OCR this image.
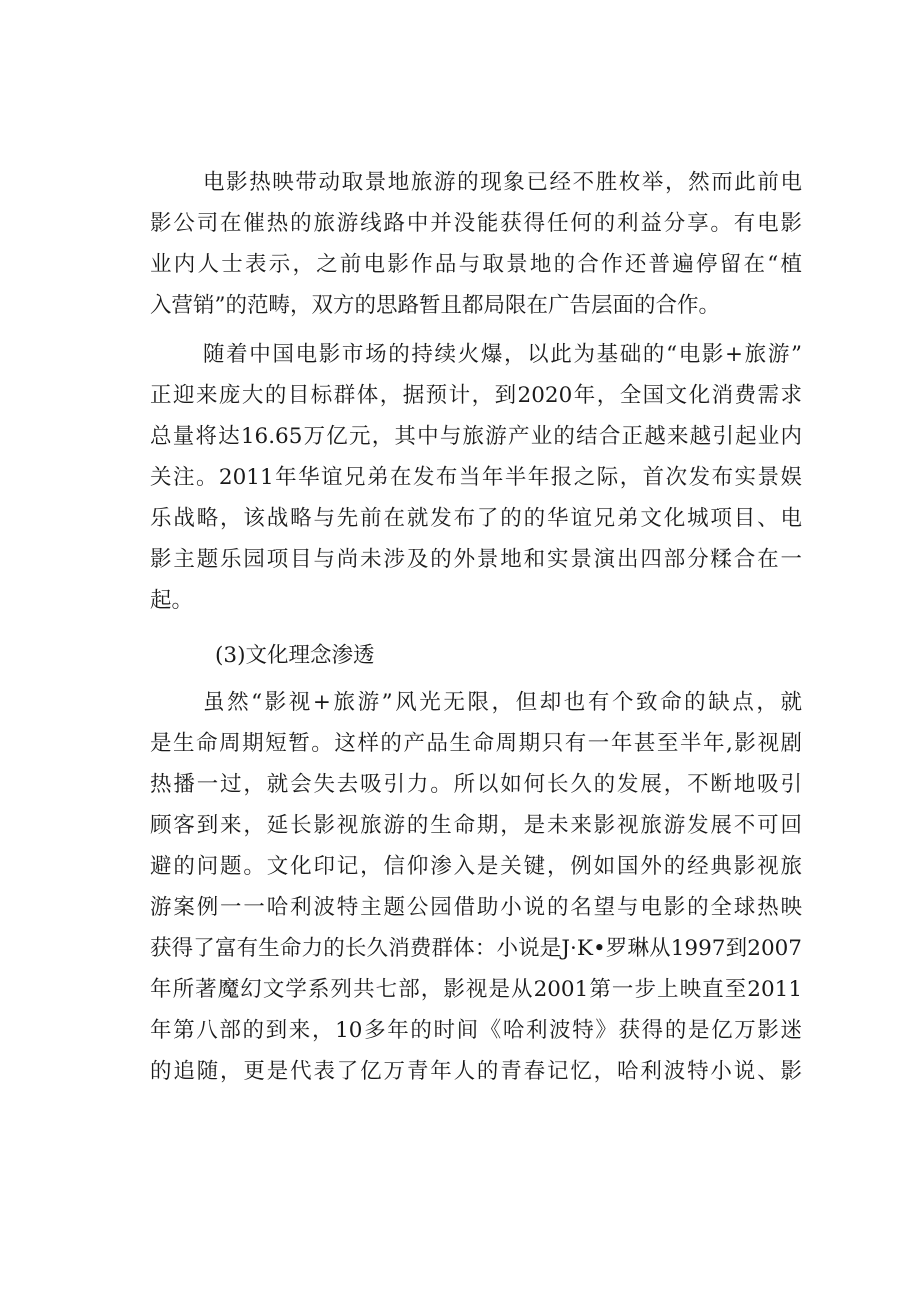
电影热映带动取景地旅游的现象已经不胜枚举，然而此前电
影公司在催热的旅游线路中并没能获得任何的利益分享。有电影
业内人士表示，之前电影作品与取景地的合作还普遍停留在“植
入营销”的范畴，双方的思路暂且都局限在广告层面的合作。
随着中国电影市场的持续火爆，以此为基础的“电影+旅游”
正迎来庞大的目标群体，据预计，到2020年，全国文化消费需求
总量将达16.65万亿元，其中与旅游产业的结合正越来越引起业内
关注。2011年华谊兄弟在发布当年半年报之际，首次发布实景娱
乐战略，该战略与先前在就发布了的的华谊兄弟文化城项目、电
影主题乐园项目与尚未涉及的外景地和实景演出四部分糅合在一
起。
(3)文化理念渗透
虽然“影视+旅游”风光无限，但却也有个致命的缺点，就
是生命周期短暂。这样的产品生命周期只有一年甚至半年,影视剧
热播一过，就会失去吸引力。所以如何长久的发展，不断地吸引
顾客到来，延长影视旅游的生命期，是未来影视旅游发展不可回
避的问题。文化印记，信仰渗入是关键，例如国外的经典影视旅
游案例一一哈利波特主题公园借助小说的名望与电影的全球热映
获得了富有生命力的长久消费群体：小说是J·K•罗琳从1997到2007
年所著魔幻文学系列共七部，影视是从2001第一步上映直至2011
年第八部的到来，10多年的时间《哈利波特》获得的是亿万影迷
的追随，更是代表了亿万青年人的青春记忆，哈利波特小说、影
